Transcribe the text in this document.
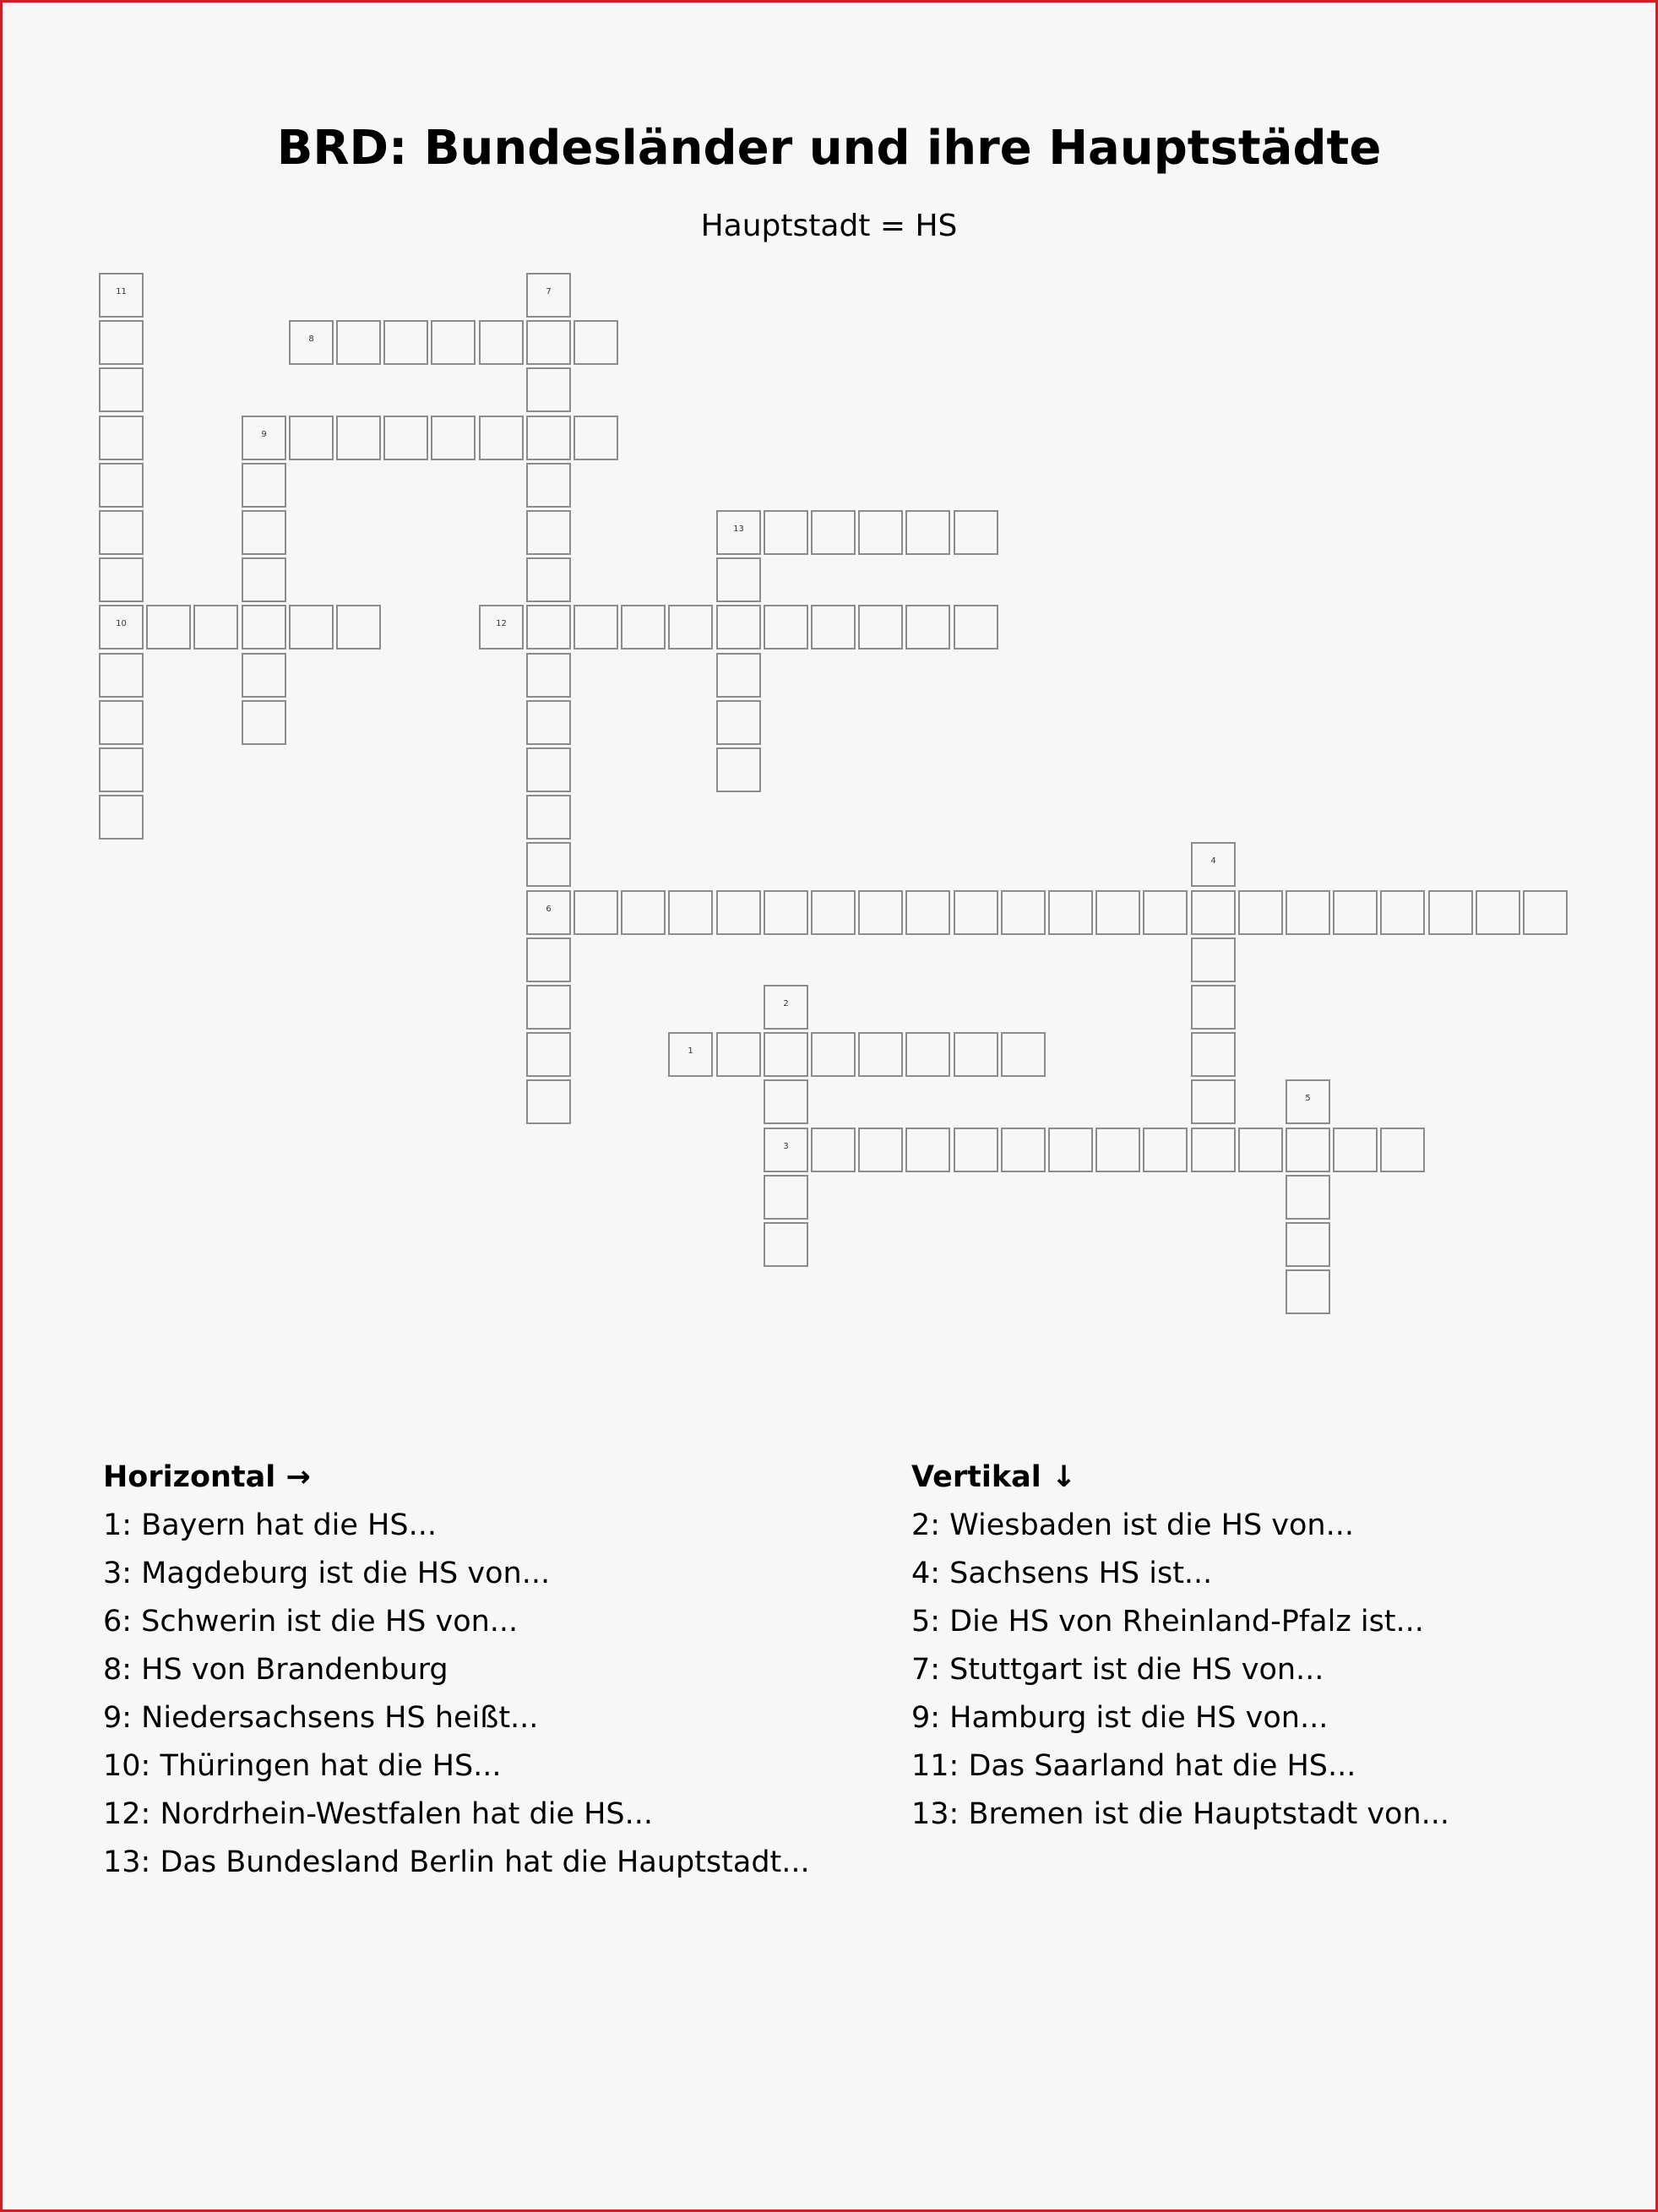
BRD: Bundesländer und ihre Hauptstädte
Hauptstadt = HS
1
2
3
4
5
6
7
8
9
10
11
12
13
Horizontal →
1: Bayern hat die HS...
3: Magdeburg ist die HS von...
6: Schwerin ist die HS von...
8: HS von Brandenburg
9: Niedersachsens HS heißt...
10: Thüringen hat die HS...
12: Nordrhein-Westfalen hat die HS...
13: Das Bundesland Berlin hat die Hauptstadt...
Vertikal ↓
2: Wiesbaden ist die HS von...
4: Sachsens HS ist...
5: Die HS von Rheinland-Pfalz ist...
7: Stuttgart ist die HS von...
9: Hamburg ist die HS von...
11: Das Saarland hat die HS...
13: Bremen ist die Hauptstadt von...
